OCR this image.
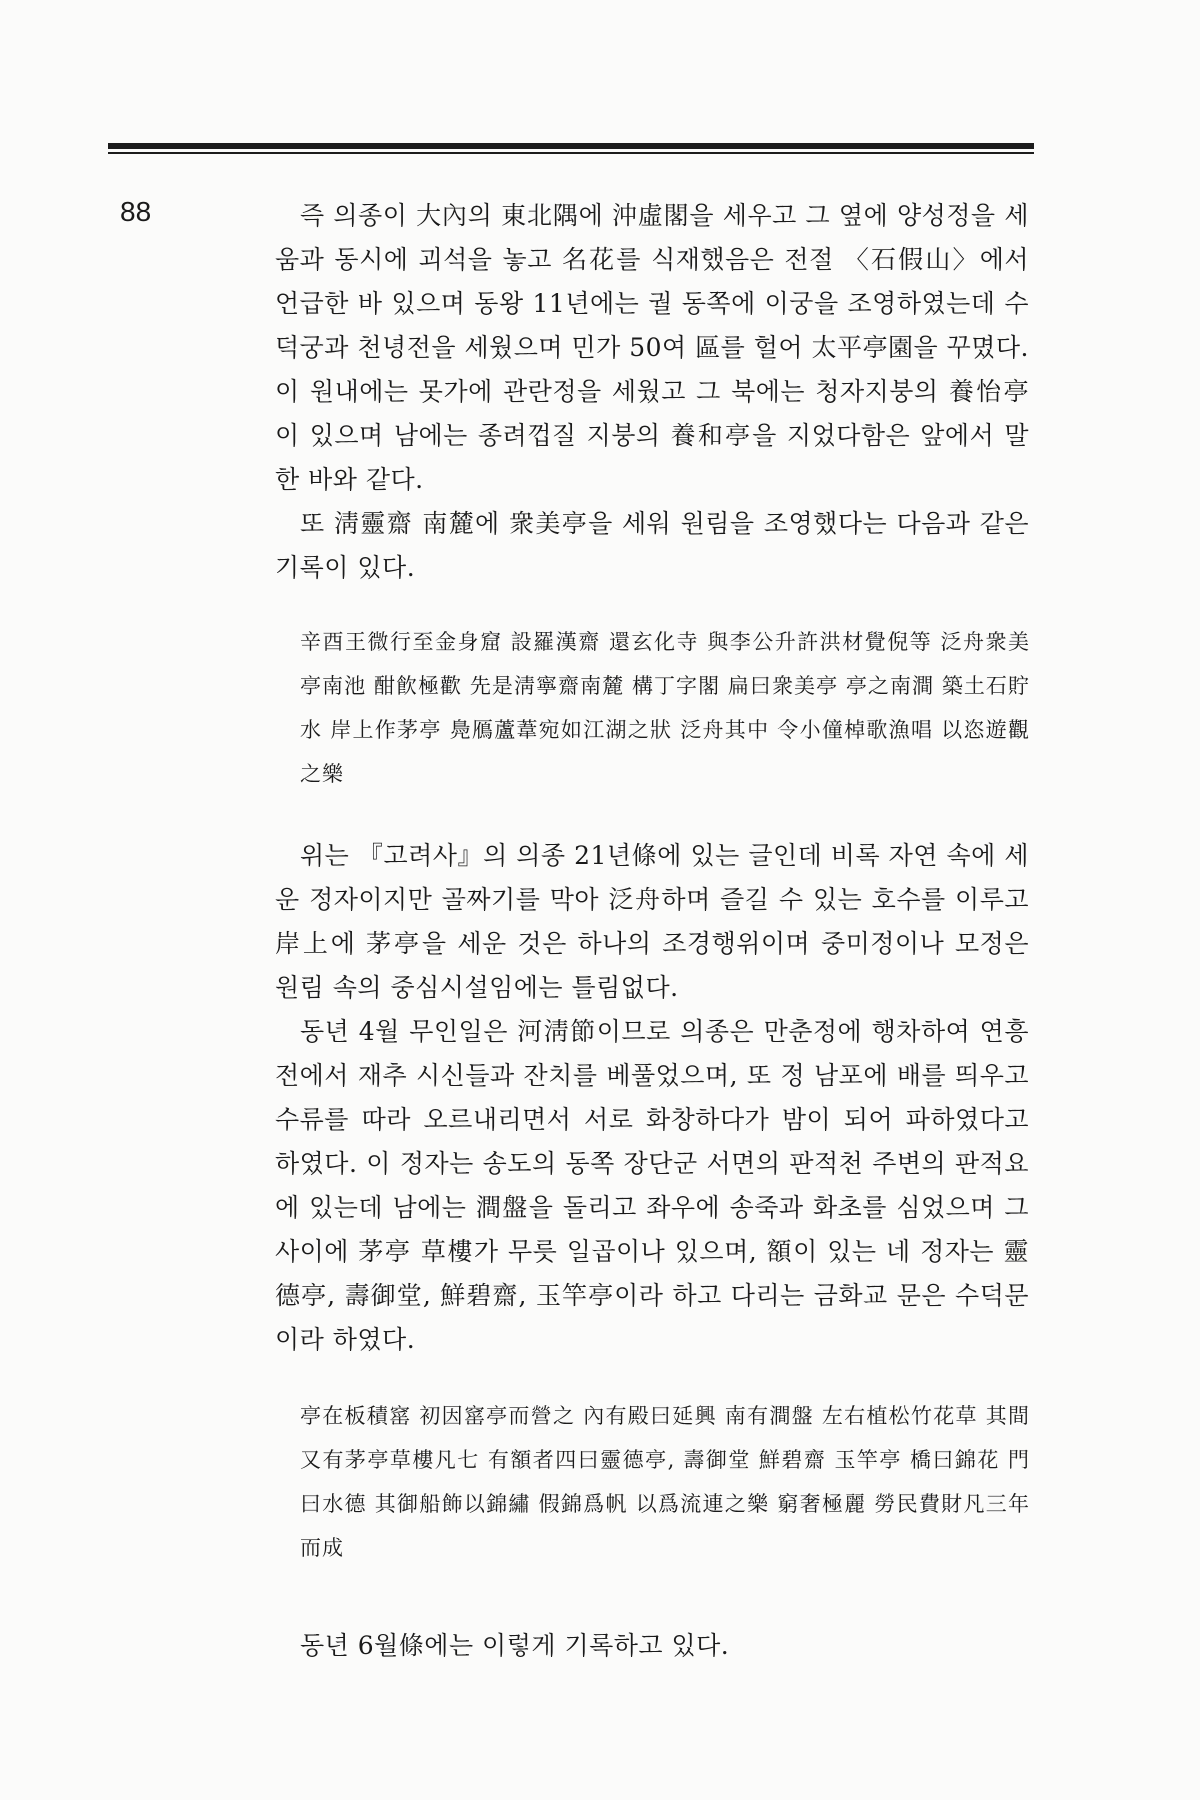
88	즉 의종이 大內의 東北隅에 沖虛閣을 세우고 그 옆에 양성정을 세움과 동시에 괴석을 놓고 名花를 식재했음은 전절 〈石假山〉에서 언급한 바 있으며 동왕 11년에는 궐 동쪽에 이궁을 조영하였는데 수덕궁과 천녕전을 세웠으며 민가 50여 區를 헐어 太平亭園을 꾸몄다. 이 원내에는 못가에 관란정을 세웠고 그 북에는 청자지붕의 養怡亭이 있으며 남에는 종려껍질 지붕의 養和亭을 지었다함은 앞에서 말한 바와 같다.

또 淸靈齋 南麓에 衆美亭을 세워 원림을 조영했다는 다음과 같은 기록이 있다.

辛酉王微行至金身窟 設羅漢齋 還玄化寺 與李公升許洪材覺倪等 泛舟衆美亭南池 酣飮極歡 先是淸寧齋南麓 構丁字閣 扁曰衆美亭 亭之南澗 築土石貯水 岸上作茅亭 鳧鴈蘆葦宛如江湖之狀 泛舟其中 令小僮棹歌漁唱 以恣遊觀之樂

위는 『고려사』의 의종 21년條에 있는 글인데 비록 자연 속에 세운 정자이지만 골짜기를 막아 泛舟하며 즐길 수 있는 호수를 이루고 岸上에 茅亭을 세운 것은 하나의 조경행위이며 중미정이나 모정은 원림 속의 중심시설임에는 틀림없다.

동년 4월 무인일은 河淸節이므로 의종은 만춘정에 행차하여 연흥전에서 재추 시신들과 잔치를 베풀었으며, 또 정 남포에 배를 띄우고 수류를 따라 오르내리면서 서로 화창하다가 밤이 되어 파하였다고 하였다. 이 정자는 송도의 동쪽 장단군 서면의 판적천 주변의 판적요에 있는데 남에는 澗盤을 돌리고 좌우에 송죽과 화초를 심었으며 그 사이에 茅亭 草樓가 무릇 일곱이나 있으며, 額이 있는 네 정자는 靈德亭, 壽御堂, 鮮碧齋, 玉竿亭이라 하고 다리는 금화교 문은 수덕문이라 하였다.

亭在板積窰 初因窰亭而營之 內有殿曰延興 南有澗盤 左右植松竹花草 其間又有茅亭草樓凡七 有額者四曰靈德亭, 壽御堂 鮮碧齋 玉竿亭 橋曰錦花 門曰水德 其御船飾以錦繡 假錦爲帆 以爲流連之樂 窮奢極麗 勞民費財凡三年而成

동년 6월條에는 이렇게 기록하고 있다.
